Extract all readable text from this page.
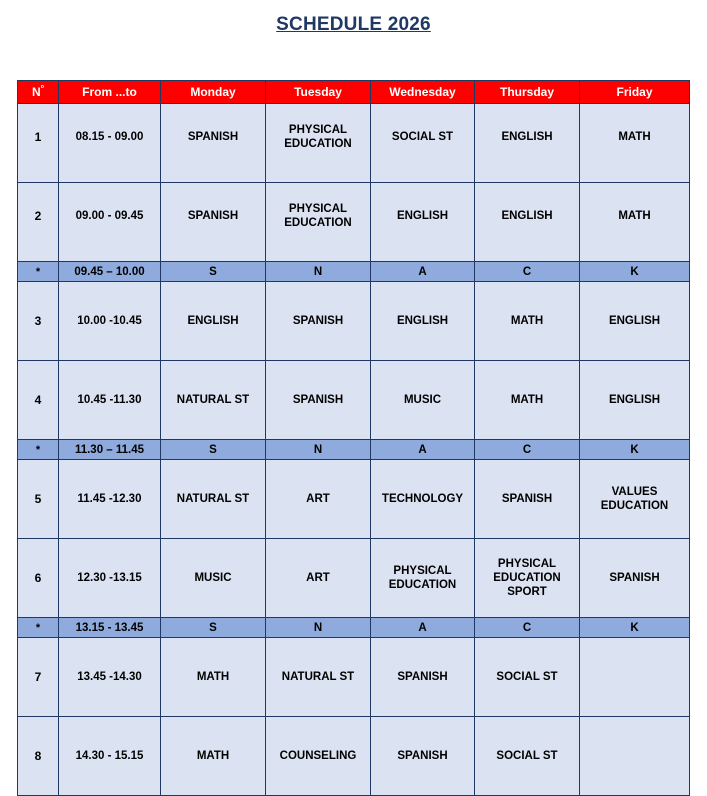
SCHEDULE 2026
$N^º$	From ...to	Monday	Tuesday	Wednesday	Thursday	Friday

1	08.15 - 09.00	SPANISH	PHYSICAL EDUCATION	SOCIAL ST	ENGLISH	MATH

2	09.00 - 09.45	SPANISH	PHYSICAL EDUCATION	ENGLISH	ENGLISH	MATH

*	09.45 – 10.00	S	N	A	C	K

3	10.00 -10.45	ENGLISH	SPANISH	ENGLISH	MATH	ENGLISH

4	10.45 -11.30	NATURAL ST	SPANISH	MUSIC	MATH	ENGLISH

*	11.30 – 11.45	S	N	A	C	K

5	11.45 -12.30	NATURAL ST	ART	TECHNOLOGY	SPANISH	VALUES EDUCATION

6	12.30 -13.15	MUSIC	ART	PHYSICAL EDUCATION	PHYSICAL EDUCATION SPORT	SPANISH

*	13.15 - 13.45	S	N	A	C	K

7	13.45 -14.30	MATH	NATURAL ST	SPANISH	SOCIAL ST	

8	14.30 - 15.15	MATH	COUNSELING	SPANISH	SOCIAL ST	
